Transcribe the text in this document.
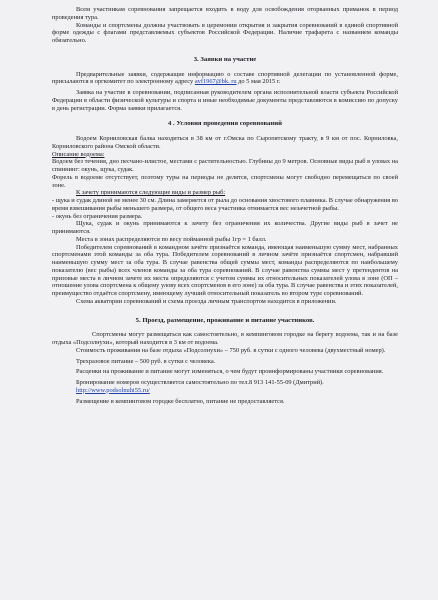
Всем участникам соревнования запрещается входить в воду для освобождения оторванных приманок в период проведения тура.

Команды и спортсмены должны участвовать в церемонии открытия и закрытия соревнований в единой спортивной форме одежды с флагами представляемых субъектов Российской Федерации. Наличие трафарета с названием команды обязательно.

3. Заявки на участие

Предварительные заявки, содержащие информацию о составе спортивной делегации по установленной форме, присылаются в оргкомитет по электронному адресу avf1967@bk. ru до 5 мая 2015 г.

Заявка на участие в соревновании, подписанная руководителем органа исполнительной власти субъекта Российской Федерации в области физической культуры и спорта и иные необходимые документы представляются в комиссию по допуску в день регистрации. Форма заявки прилагается.

4 . Условия проведения соревнований

Водоем Корниловская балка находиться в 38 км от г.Омска по Сыропятскому тракту, в 9 км от пос. Корниловка, Корниловского района Омской области.

Описание водоема:

Водоем без течения, дно песчано-илистое, местами с растительностью. Глубины до 9 метров. Основные виды рыб в уловах на спиннинг: окунь, щука, судак.

Форель в водоеме отсутствует, поэтому туры на периоды не делятся, спортсмены могут свободно перемещаться по своей зоне.

К зачету принимаются следующие виды и размер рыб:

- щука и судак длиной не менее 30 см. Длина замеряется от рыла до основания хвостового плавника. В случае обнаружения во время взвешивания рыбы меньшего размера, от общего веса участника отнимается вес незачетной рыбы.

- окунь без ограничения размера.

Щука, судак и окунь принимаются к зачету без ограничения их количества. Другие виды рыб в зачет не принимаются.

Места в зонах распределяются по весу пойманной рыбы 1гр = 1 балл.

Победителем соревнований в командном зачёте признаётся команда, имеющая наименьшую сумму мест, набранных спортсменами этой команды за оба тура. Победителем соревнований в личном зачёте признаётся спортсмен, набравший наименьшую сумму мест за оба тура. В случае равенства общей суммы мест, команды распределяются по наибольшему показателю (вес рыбы) всех членов команды за оба тура соревнований. В случае равенства суммы мест у претендентов на призовые места в личном зачете их места определяются с учетом суммы их относительных показателей улова в зоне (ОП – отношение улова спортсмена к общему улову всех спортсменов в его зоне) за оба тура. В случае равенства и этих показателей, преимущество отдаётся спортсмену, имеющему лучший относительный показатель во втором туре соревнований.

Схема акватории соревнований и схема проезда личным транспортом находится в приложении.

5. Проезд, размещение, проживание и питание участников.

Спортсмены могут размещаться как самостоятельно, в кемпинговом городке на берегу водоема, так и на базе отдыха «Подсолнухи», который находится в 3 км от водоема.

Стоимость проживания на базе отдыха «Подсолнухи» – 750 руб. в сутки с одного человека (двухместный номер).

Трехразовое питание – 500 руб. в сутки с человека.

Расценки на проживание и питание могут изменяться, о чем будут проинформированы участники соревнования.

Бронирование номеров осуществляется самостоятельно по тел.8 913 141-55-09 (Дмитрий).

http://www.podsolnuhi55.ru/

Размещение в кемпинговом городке бесплатно, питание не предоставляется.
